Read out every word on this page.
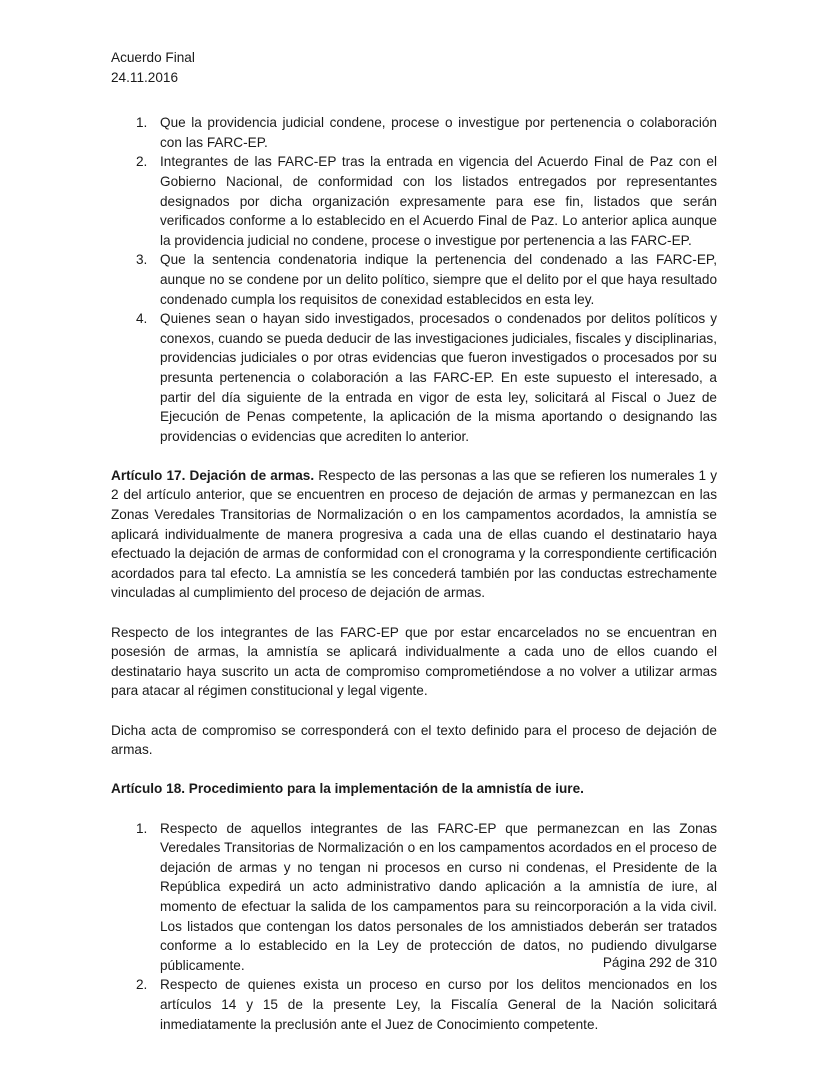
Acuerdo Final
24.11.2016
1. Que la providencia judicial condene, procese o investigue por pertenencia o colaboración con las FARC-EP.
2. Integrantes de las FARC-EP tras la entrada en vigencia del Acuerdo Final de Paz con el Gobierno Nacional, de conformidad con los listados entregados por representantes designados por dicha organización expresamente para ese fin, listados que serán verificados conforme a lo establecido en el Acuerdo Final de Paz. Lo anterior aplica aunque la providencia judicial no condene, procese o investigue por pertenencia a las FARC-EP.
3. Que la sentencia condenatoria indique la pertenencia del condenado a las FARC-EP, aunque no se condene por un delito político, siempre que el delito por el que haya resultado condenado cumpla los requisitos de conexidad establecidos en esta ley.
4. Quienes sean o hayan sido investigados, procesados o condenados por delitos políticos y conexos, cuando se pueda deducir de las investigaciones judiciales, fiscales y disciplinarias, providencias judiciales o por otras evidencias que fueron investigados o procesados por su presunta pertenencia o colaboración a las FARC-EP. En este supuesto el interesado, a partir del día siguiente de la entrada en vigor de esta ley, solicitará al Fiscal o Juez de Ejecución de Penas competente, la aplicación de la misma aportando o designando las providencias o evidencias que acrediten lo anterior.

Artículo 17. Dejación de armas. Respecto de las personas a las que se refieren los numerales 1 y 2 del artículo anterior, que se encuentren en proceso de dejación de armas y permanezcan en las Zonas Veredales Transitorias de Normalización o en los campamentos acordados, la amnistía se aplicará individualmente de manera progresiva a cada una de ellas cuando el destinatario haya efectuado la dejación de armas de conformidad con el cronograma y la correspondiente certificación acordados para tal efecto. La amnistía se les concederá también por las conductas estrechamente vinculadas al cumplimiento del proceso de dejación de armas.

Respecto de los integrantes de las FARC-EP que por estar encarcelados no se encuentran en posesión de armas, la amnistía se aplicará individualmente a cada uno de ellos cuando el destinatario haya suscrito un acta de compromiso comprometiéndose a no volver a utilizar armas para atacar al régimen constitucional y legal vigente.

Dicha acta de compromiso se corresponderá con el texto definido para el proceso de dejación de armas.

Artículo 18. Procedimiento para la implementación de la amnistía de iure.

1. Respecto de aquellos integrantes de las FARC-EP que permanezcan en las Zonas Veredales Transitorias de Normalización o en los campamentos acordados en el proceso de dejación de armas y no tengan ni procesos en curso ni condenas, el Presidente de la República expedirá un acto administrativo dando aplicación a la amnistía de iure, al momento de efectuar la salida de los campamentos para su reincorporación a la vida civil. Los listados que contengan los datos personales de los amnistiados deberán ser tratados conforme a lo establecido en la Ley de protección de datos, no pudiendo divulgarse públicamente.
2. Respecto de quienes exista un proceso en curso por los delitos mencionados en los artículos 14 y 15 de la presente Ley, la Fiscalía General de la Nación solicitará inmediatamente la preclusión ante el Juez de Conocimiento competente.
Página 292 de 310
